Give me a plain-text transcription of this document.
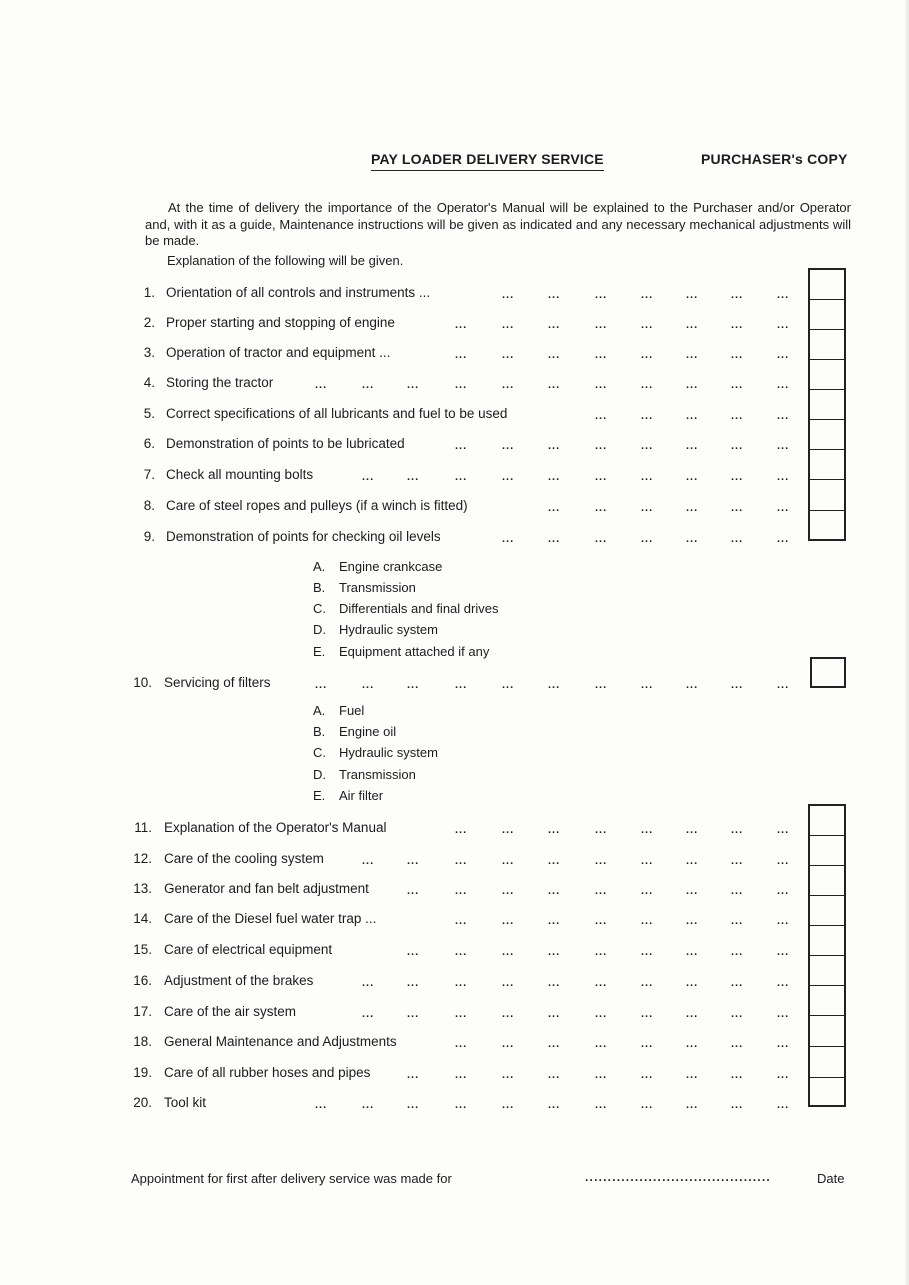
PAY LOADER DELIVERY SERVICE	PURCHASER's COPY

At the time of delivery the importance of the Operator's Manual will be explained to the Purchaser and/or Operator and, with it as a guide, Maintenance instructions will be given as indicated and any necessary mechanical adjustments will be made.

Explanation of the following will be given.
1. Orientation of all controls and instruments ...	...	...	...	...	...	...	...
2. Proper starting and stopping of engine	...	...	...	...	...	...	...	...
3. Operation of tractor and equipment ...	...	...	...	...	...	...	...	...
4. Storing the tractor	...	...	...	...	...	...	...	...	...	...	...
5. Correct specifications of all lubricants and fuel to be used	...	...	...	...	...
6. Demonstration of points to be lubricated	...	...	...	...	...	...	...	...
7. Check all mounting bolts	...	...	...	...	...	...	...	...	...	...
8. Care of steel ropes and pulleys (if a winch is fitted)	...	...	...	...	...	...
9. Demonstration of points for checking oil levels	...	...	...	...	...	...	...
10. Servicing of filters	...	...	...	...	...	...	...	...	...	...	...
11. Explanation of the Operator's Manual	...	...	...	...	...	...	...	...
12. Care of the cooling system	...	...	...	...	...	...	...	...	...	...
13. Generator and fan belt adjustment	...	...	...	...	...	...	...	...	...
14. Care of the Diesel fuel water trap ...	...	...	...	...	...	...	...	...
15. Care of electrical equipment	...	...	...	...	...	...	...	...	...
16. Adjustment of the brakes	...	...	...	...	...	...	...	...	...	...
17. Care of the air system	...	...	...	...	...	...	...	...	...	...
18. General Maintenance and Adjustments	...	...	...	...	...	...	...	...
19. Care of all rubber hoses and pipes	...	...	...	...	...	...	...	...	...
20. Tool kit	...	...	...	...	...	...	...	...	...	...	...
A. Engine crankcase
B. Transmission
C. Differentials and final drives
D. Hydraulic system
E. Equipment attached if any
A. Fuel
B. Engine oil
C. Hydraulic system
D. Transmission
E. Air filter
Appointment for first after delivery service was made for	.........................................	Date
